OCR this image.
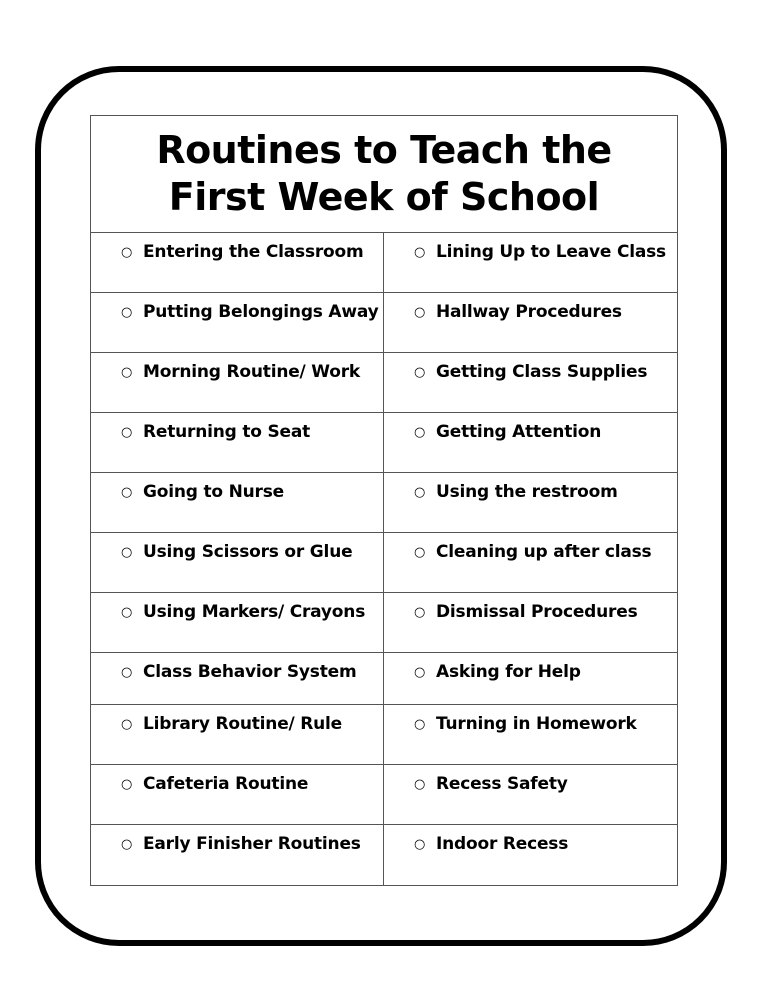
Routines to Teach the
First Week of School
○ Entering the Classroom	○ Lining Up to Leave Class
○ Putting Belongings Away	○ Hallway Procedures
○ Morning Routine/ Work	○ Getting Class Supplies
○ Returning to Seat	○ Getting Attention
○ Going to Nurse	○ Using the restroom
○ Using Scissors or Glue	○ Cleaning up after class
○ Using Markers/ Crayons	○ Dismissal Procedures
○ Class Behavior System	○ Asking for Help
○ Library Routine/ Rule	○ Turning in Homework
○ Cafeteria Routine	○ Recess Safety
○ Early Finisher Routines	○ Indoor Recess
